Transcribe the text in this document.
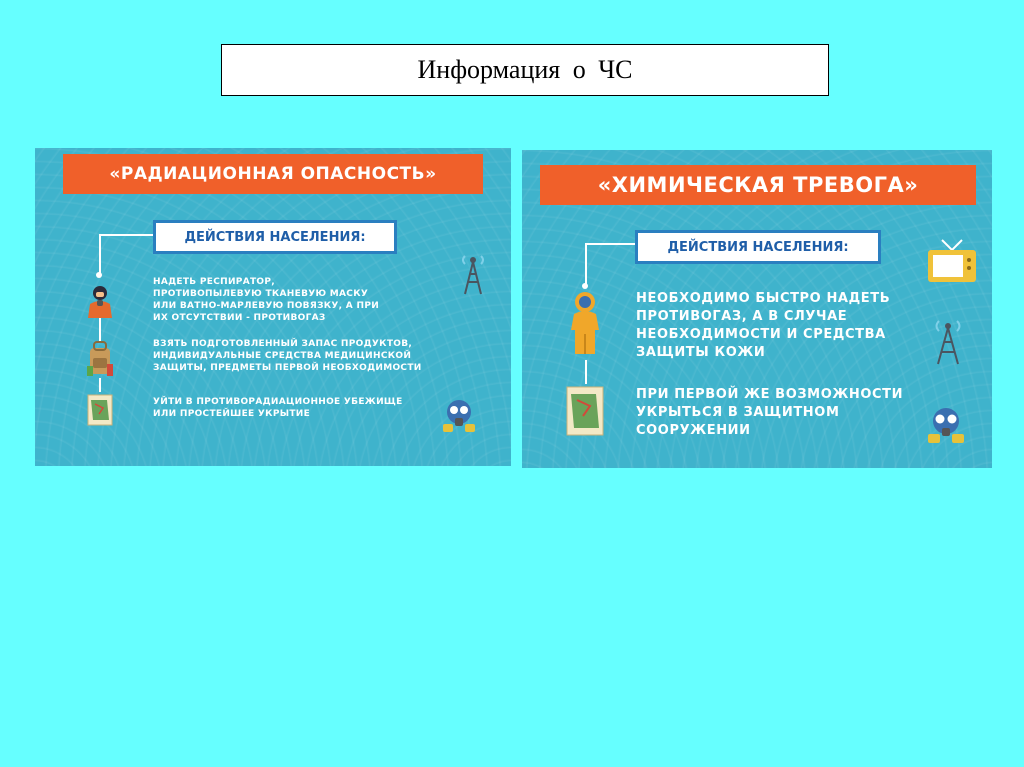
Информация о ЧС
«РАДИАЦИОННАЯ ОПАСНОСТЬ»
ДЕЙСТВИЯ НАСЕЛЕНИЯ:
НАДЕТЬ РЕСПИРАТОР, ПРОТИВОПЫЛЕВУЮ ТКАНЕВУЮ МАСКУ ИЛИ ВАТНО-МАРЛЕВУЮ ПОВЯЗКУ, А ПРИ ИХ ОТСУТСТВИИ - ПРОТИВОГАЗ
ВЗЯТЬ ПОДГОТОВЛЕННЫЙ ЗАПАС ПРОДУКТОВ, ИНДИВИДУАЛЬНЫЕ СРЕДСТВА МЕДИЦИНСКОЙ ЗАЩИТЫ, ПРЕДМЕТЫ ПЕРВОЙ НЕОБХОДИМОСТИ
УЙТИ В ПРОТИВОРАДИАЦИОННОЕ УБЕЖИЩЕ ИЛИ ПРОСТЕЙШЕЕ УКРЫТИЕ
«ХИМИЧЕСКАЯ ТРЕВОГА»
ДЕЙСТВИЯ НАСЕЛЕНИЯ:
НЕОБХОДИМО БЫСТРО НАДЕТЬ ПРОТИВОГАЗ, А В СЛУЧАЕ НЕОБХОДИМОСТИ И СРЕДСТВА ЗАЩИТЫ КОЖИ
ПРИ ПЕРВОЙ ЖЕ ВОЗМОЖНОСТИ УКРЫТЬСЯ В ЗАЩИТНОМ СООРУЖЕНИИ
